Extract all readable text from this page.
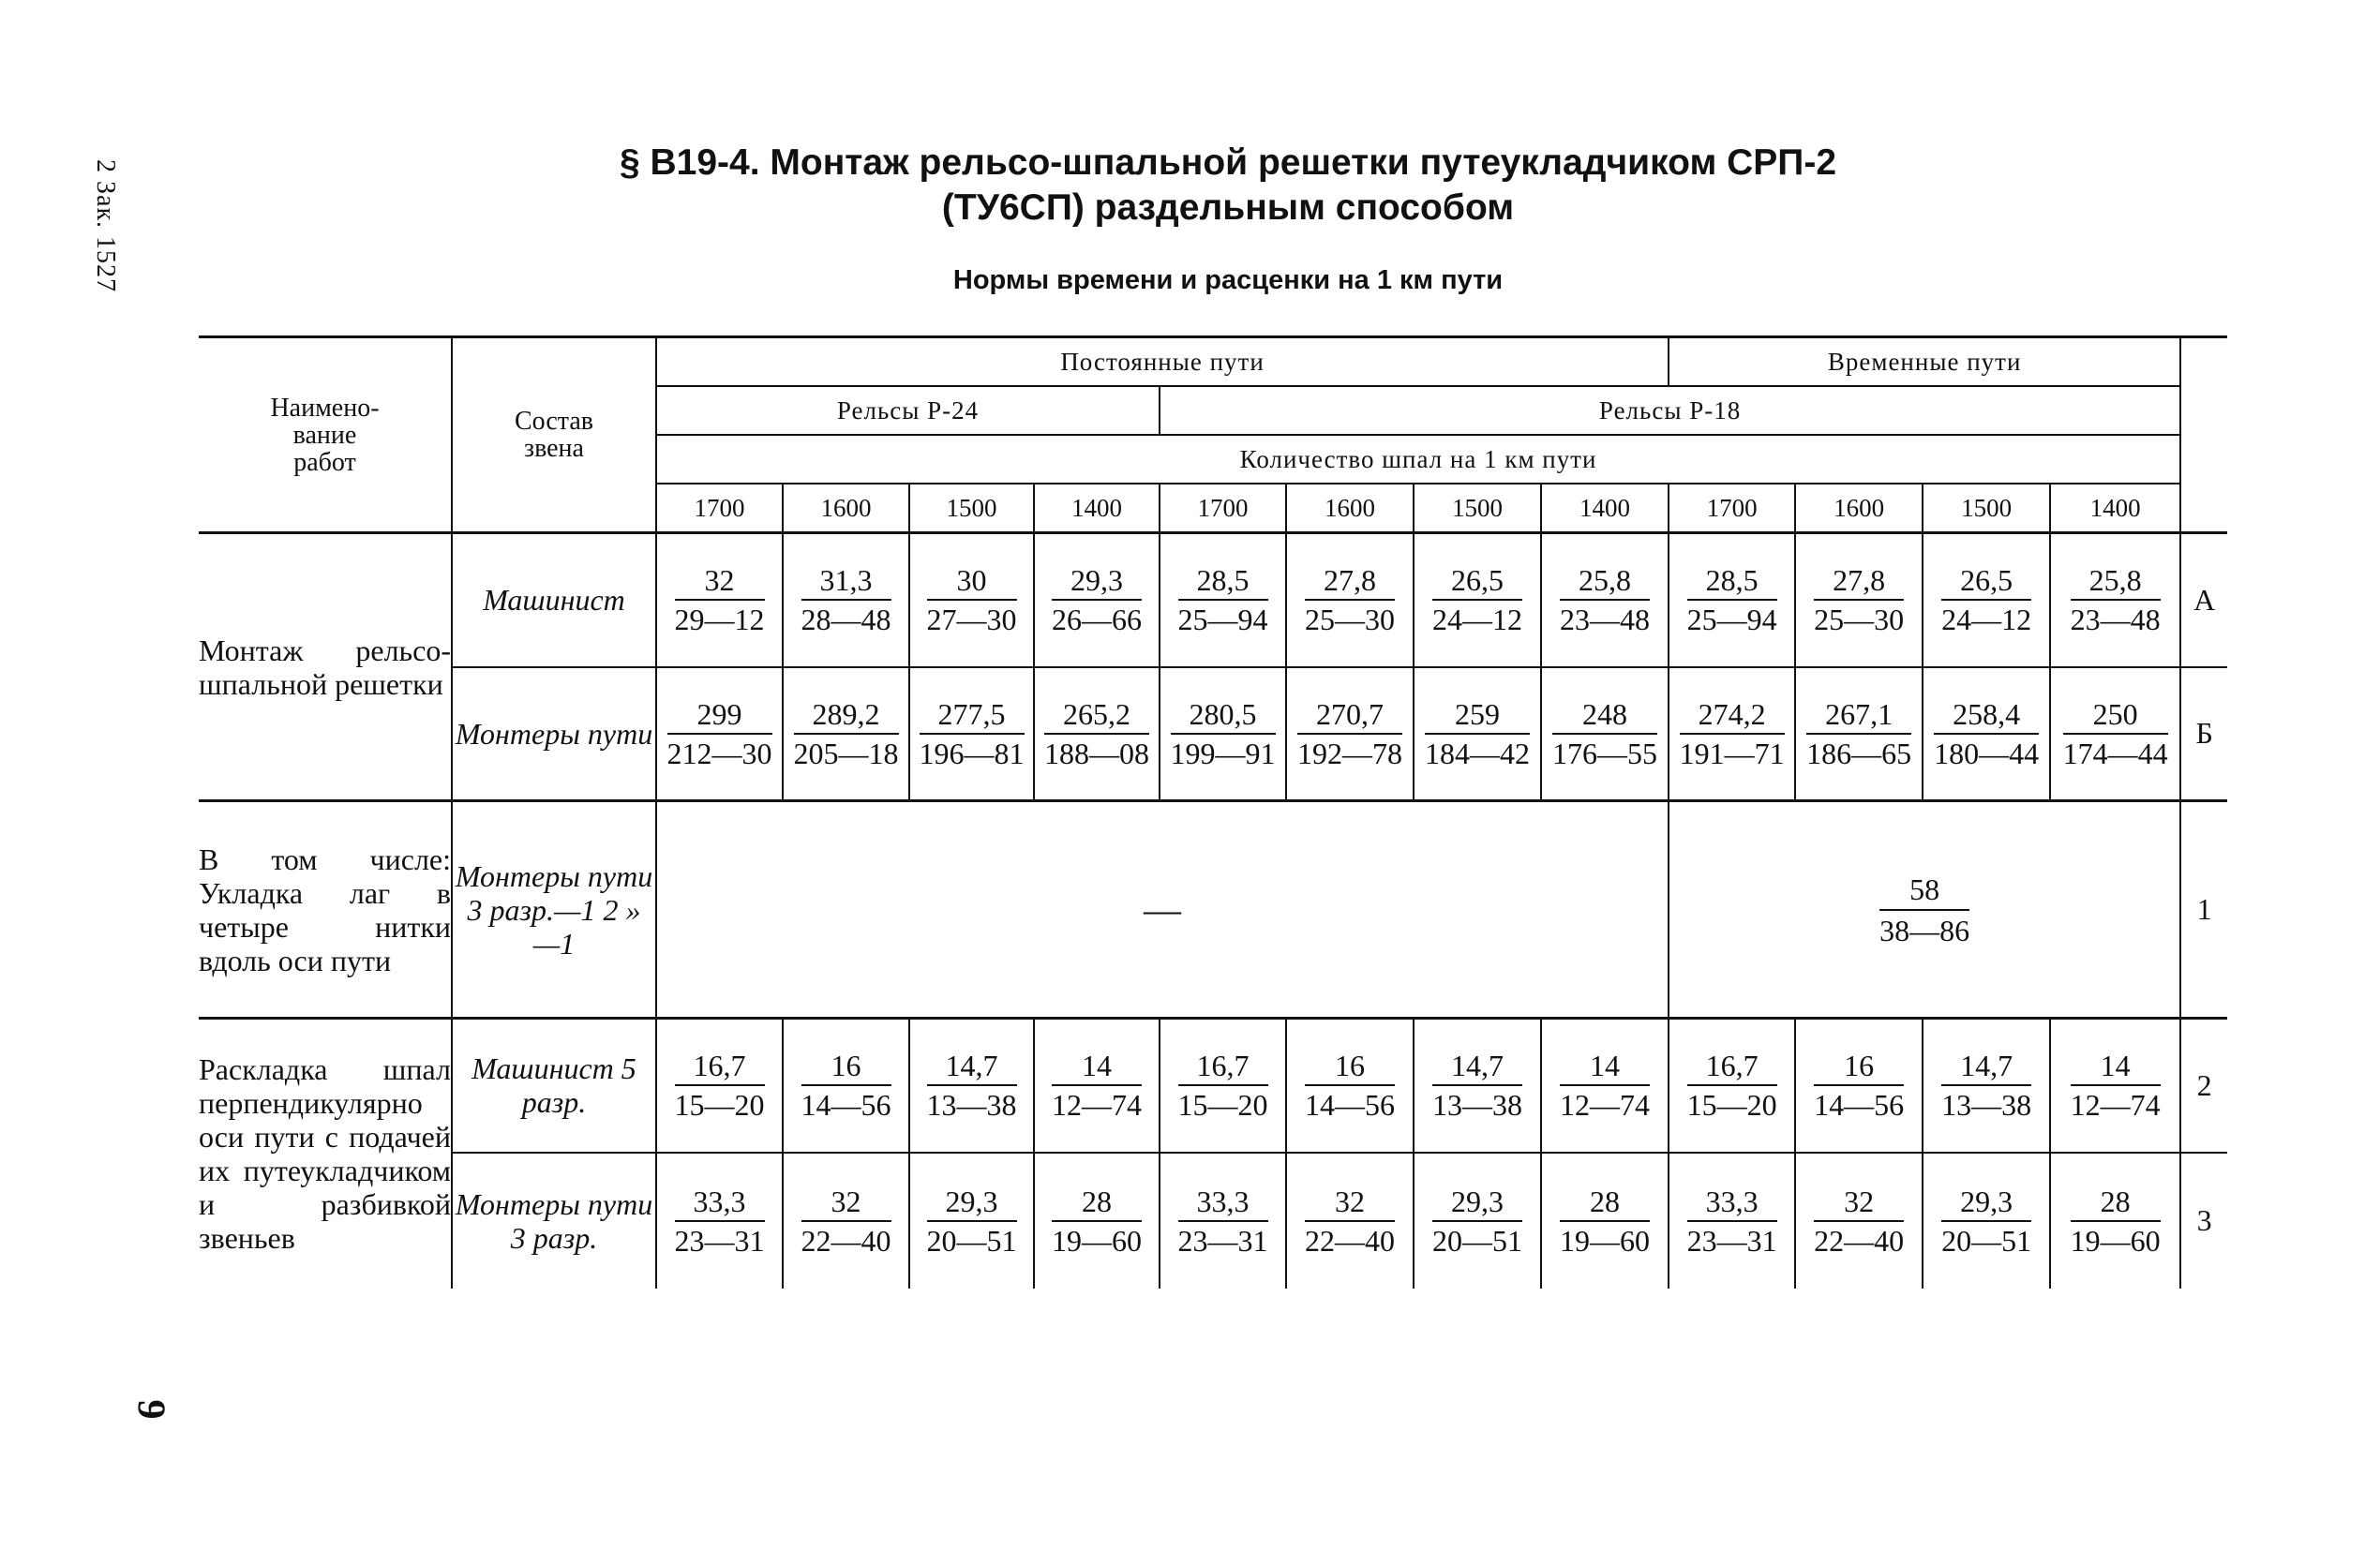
2 Зак. 1527
9
§ В19-4. Монтаж рельсо-шпальной решетки путеукладчиком СРП-2
(ТУ6СП) раздельным способом
Нормы времени и расценки на 1 км пути
Наимено-
вание
работ	Состав
звена	Постоянные пути								Временные пути				
		Рельсы Р-24				Рельсы Р-18								
		Количество шпал на 1 км пути												
		1700	1600	1500	1400	1700	1600	1500	1400	1700	1600	1500	1400	
Монтаж рельсо-шпальной решетки	Машинист	$\frac{32}{29—12}$	$\frac{31,3}{28—48}$	$\frac{30}{27—30}$	$\frac{29,3}{26—66}$	$\frac{28,5}{25—94}$	$\frac{27,8}{25—30}$	$\frac{26,5}{24—12}$	$\frac{25,8}{23—48}$	$\frac{28,5}{25—94}$	$\frac{27,8}{25—30}$	$\frac{26,5}{24—12}$	$\frac{25,8}{23—48}$	А
	Монтеры пути	$\frac{299}{212—30}$	$\frac{289,2}{205—18}$	$\frac{277,5}{196—81}$	$\frac{265,2}{188—08}$	$\frac{280,5}{199—91}$	$\frac{270,7}{192—78}$	$\frac{259}{184—42}$	$\frac{248}{176—55}$	$\frac{274,2}{191—71}$	$\frac{267,1}{186—65}$	$\frac{258,4}{180—44}$	$\frac{250}{174—44}$	Б
В том числе: Укладка лаг в четыре нитки вдоль оси пути	Монтеры пути 3 разр.—1 2 » —1	—								$\frac{58}{38—86}$				1
Раскладка шпал перпендикулярно оси пути с подачей их путеукладчиком и разбивкой звеньев	Машинист 5 разр.	$\frac{16,7}{15—20}$	$\frac{16}{14—56}$	$\frac{14,7}{13—38}$	$\frac{14}{12—74}$	$\frac{16,7}{15—20}$	$\frac{16}{14—56}$	$\frac{14,7}{13—38}$	$\frac{14}{12—74}$	$\frac{16,7}{15—20}$	$\frac{16}{14—56}$	$\frac{14,7}{13—38}$	$\frac{14}{12—74}$	2
	Монтеры пути 3 разр.	$\frac{33,3}{23—31}$	$\frac{32}{22—40}$	$\frac{29,3}{20—51}$	$\frac{28}{19—60}$	$\frac{33,3}{23—31}$	$\frac{32}{22—40}$	$\frac{29,3}{20—51}$	$\frac{28}{19—60}$	$\frac{33,3}{23—31}$	$\frac{32}{22—40}$	$\frac{29,3}{20—51}$	$\frac{28}{19—60}$	3
